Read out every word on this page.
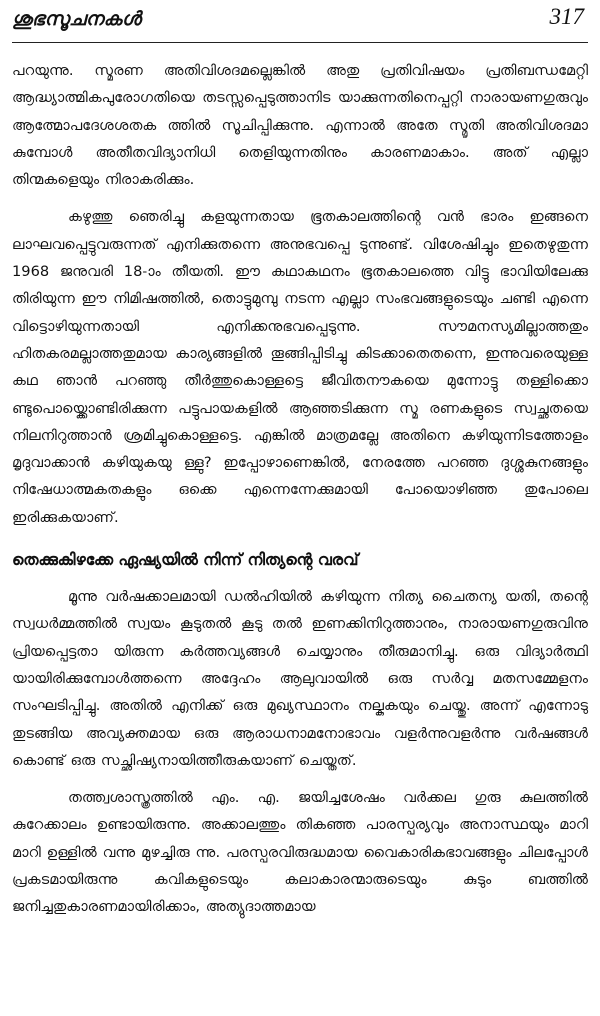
ശുഭസൂചനകൾ	317

പറയുന്നു. സ്മരണ അതിവിശദമല്ലെങ്കിൽ അതു പ്രതിവിഷയം പ്രതിബന്ധമേറ്റി ആദ്ധ്യാത്മികപുരോഗതിയെ തടസ്സപ്പെടുത്താനിട യാക്കുന്നതിനെപ്പറ്റി നാരായണഗുരുവും ആത്മോപദേശശതക ത്തിൽ സൂചിപ്പിക്കുന്നു. എന്നാൽ അതേ സ്മൃതി അതിവിശദമാ കുമ്പോൾ അതീതവിദ്യാനിധി തെളിയുന്നതിനും കാരണമാകാം. അത് എല്ലാ തിന്മകളെയും നിരാകരിക്കും.

കഴുത്തു ഞെരിച്ചു കളയുന്നതായ ഭൂതകാലത്തിന്റെ വൻ ഭാരം ഇങ്ങനെ ലാഘവപ്പെട്ടുവരുന്നത് എനിക്കുതന്നെ അനുഭവപ്പെ ടുന്നുണ്ട്. വിശേഷിച്ചും ഇതെഴുതുന്ന 1968 ജനുവരി 18-ാം തീയതി. ഈ കഥാകഥനം ഭൂതകാലത്തെ വിട്ടു ഭാവിയിലേക്കു തിരിയുന്ന ഈ നിമിഷത്തിൽ, തൊട്ടുമുമ്പു നടന്ന എല്ലാ സംഭവങ്ങളുടെയും ചണ്ടി എന്നെ വിട്ടൊഴിയുന്നതായി എനിക്കനുഭവപ്പെടുന്നു. സൗമനസ്യമില്ലാത്തതും ഹിതകരമല്ലാത്തതുമായ കാര്യങ്ങളിൽ തൂങ്ങിപ്പിടിച്ചു കിടക്കാതെതന്നെ, ഇന്നുവരെയുള്ള കഥ ഞാൻ പറഞ്ഞു തീർത്തുകൊള്ളട്ടെ ജീവിതനൗകയെ മുന്നോട്ടു തള്ളിക്കൊ ണ്ടുപൊയ്ക്കൊണ്ടിരിക്കുന്ന പട്ടുപായകളിൽ ആഞ്ഞടിക്കുന്ന സ്മ രണകളുടെ സ്വച്ഛതയെ നിലനിറുത്താൻ ശ്രമിച്ചുകൊള്ളട്ടെ. എങ്കിൽ മാത്രമല്ലേ അതിനെ കഴിയുന്നിടത്തോളം മൃദുവാക്കാൻ കഴിയുകയു ള്ളു? ഇപ്പോഴാണെങ്കിൽ, നേരത്തേ പറഞ്ഞ ദുശ്ശകുനങ്ങളും നിഷേധാത്മകതകളും ഒക്കെ എന്നെന്നേക്കുമായി പോയൊഴിഞ്ഞ തുപോലെ ഇരിക്കുകയാണ്.

തെക്കുകിഴക്കേ ഏഷ്യയിൽ നിന്ന് നിത്യന്റെ വരവ്

മൂന്നു വർഷക്കാലമായി ഡൽഹിയിൽ കഴിയുന്ന നിത്യ ചൈതന്യ യതി, തന്റെ സ്വധർമ്മത്തിൽ സ്വയം കൂടുതൽ കൂടു തൽ ഇണക്കിനിറുത്താനും, നാരായണഗുരുവിനു പ്രിയപ്പെട്ടതാ യിരുന്ന കർത്തവ്യങ്ങൾ ചെയ്യാനും തീരുമാനിച്ചു. ഒരു വിദ്യാർത്ഥി യായിരിക്കുമ്പോൾത്തന്നെ അദ്ദേഹം ആലുവായിൽ ഒരു സർവ്വ മതസമ്മേളനം സംഘടിപ്പിച്ചു. അതിൽ എനിക്ക് ഒരു മുഖ്യസ്ഥാനം നല്കുകയും ചെയ്തു. അന്ന് എന്നോടു തുടങ്ങിയ അവ്യക്തമായ ഒരു ആരാധനാമനോഭാവം വളർന്നുവളർന്നു വർഷങ്ങൾ കൊണ്ട് ഒരു സച്ഛിഷ്യനായിത്തീരുകയാണ് ചെയ്തത്.

തത്ത്വശാസ്ത്രത്തിൽ എം. എ. ജയിച്ചശേഷം വർക്കല ഗുരു കുലത്തിൽ കുറേക്കാലം ഉണ്ടായിരുന്നു. അക്കാലത്തും തികഞ്ഞ പാരസ്പര്യവും അനാസ്ഥയും മാറി മാറി ഉള്ളിൽ വന്നു മുഴച്ചിരു ന്നു. പരസ്പരവിരുദ്ധമായ വൈകാരികഭാവങ്ങളും ചിലപ്പോൾ പ്രകടമായിരുന്നു കവികളുടെയും കലാകാരന്മാരുടെയും കുടും ബത്തിൽ ജനിച്ചതുകാരണമായിരിക്കാം, അത്യുദാത്തമായ
